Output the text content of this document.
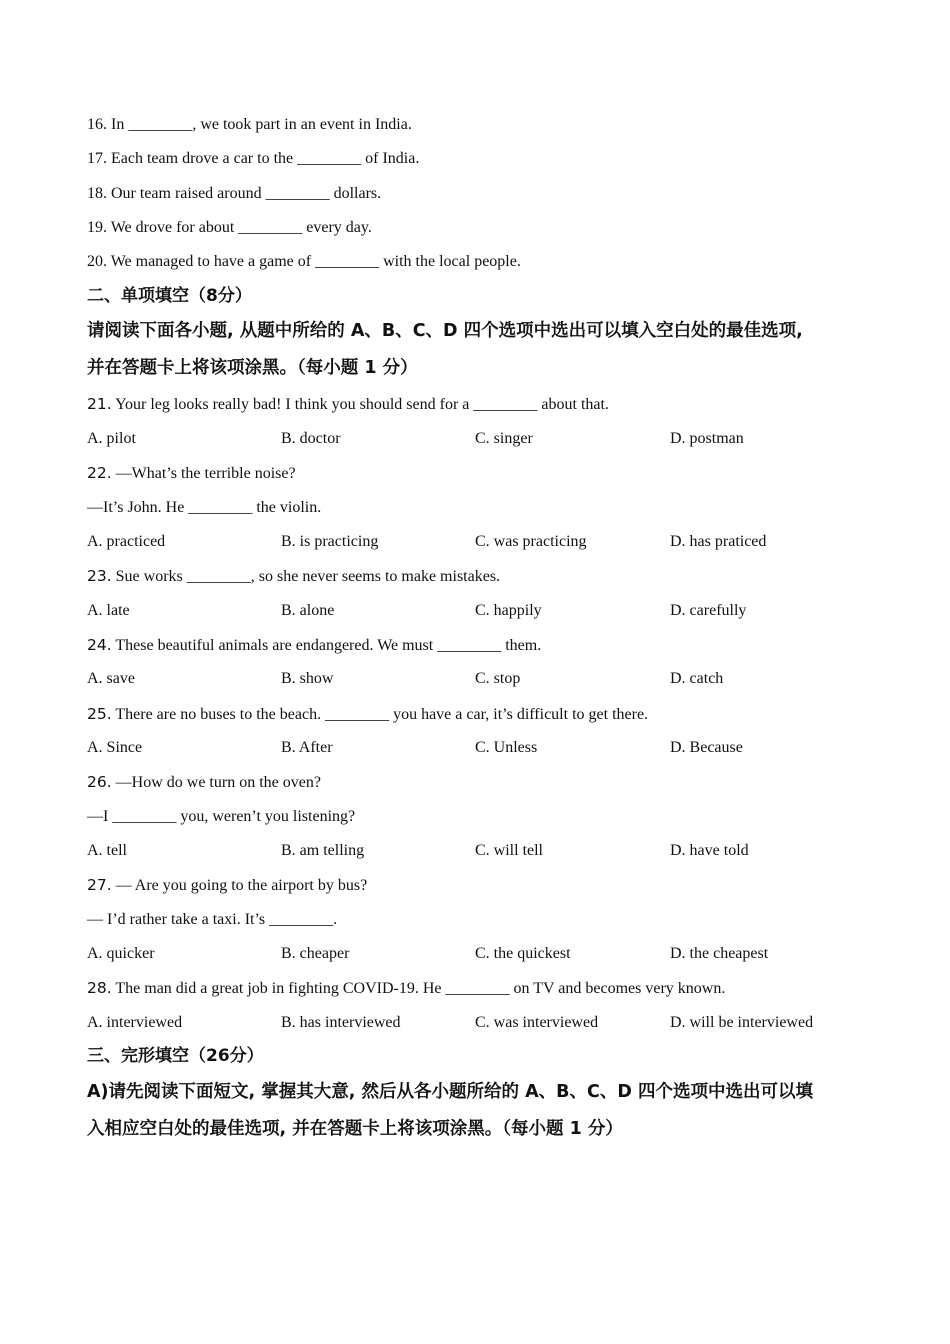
16. In ________, we took part in an event in India.
17. Each team drove a car to the ________ of India.
18. Our team raised around ________ dollars.
19. We drove for about ________ every day.
20. We managed to have a game of ________ with the local people.
二、单项填空（8分）
请阅读下面各小题, 从题中所给的 A、B、C、D 四个选项中选出可以填入空白处的最佳选项,
并在答题卡上将该项涂黑。（每小题 1 分）
21. Your leg looks really bad! I think you should send for a ________ about that.
A. pilot	B. doctor	C. singer	D. postman
22. —What’s the terrible noise?
—It’s John. He ________ the violin.
A. practiced	B. is practicing	C. was practicing	D. has praticed
23. Sue works ________, so she never seems to make mistakes.
A. late	B. alone	C. happily	D. carefully
24. These beautiful animals are endangered. We must ________ them.
A. save	B. show	C. stop	D. catch
25. There are no buses to the beach. ________ you have a car, it’s difficult to get there.
A. Since	B. After	C. Unless	D. Because
26. —How do we turn on the oven?
—I ________ you, weren’t you listening?
A. tell	B. am telling	C. will tell	D. have told
27. — Are you going to the airport by bus?
— I’d rather take a taxi. It’s ________.
A. quicker	B. cheaper	C. the quickest	D. the cheapest
28. The man did a great job in fighting COVID-19. He ________ on TV and becomes very known.
A. interviewed	B. has interviewed	C. was interviewed	D. will be interviewed
三、完形填空（26分）
A)请先阅读下面短文, 掌握其大意, 然后从各小题所给的 A、B、C、D 四个选项中选出可以填
入相应空白处的最佳选项, 并在答题卡上将该项涂黑。（每小题 1 分）
